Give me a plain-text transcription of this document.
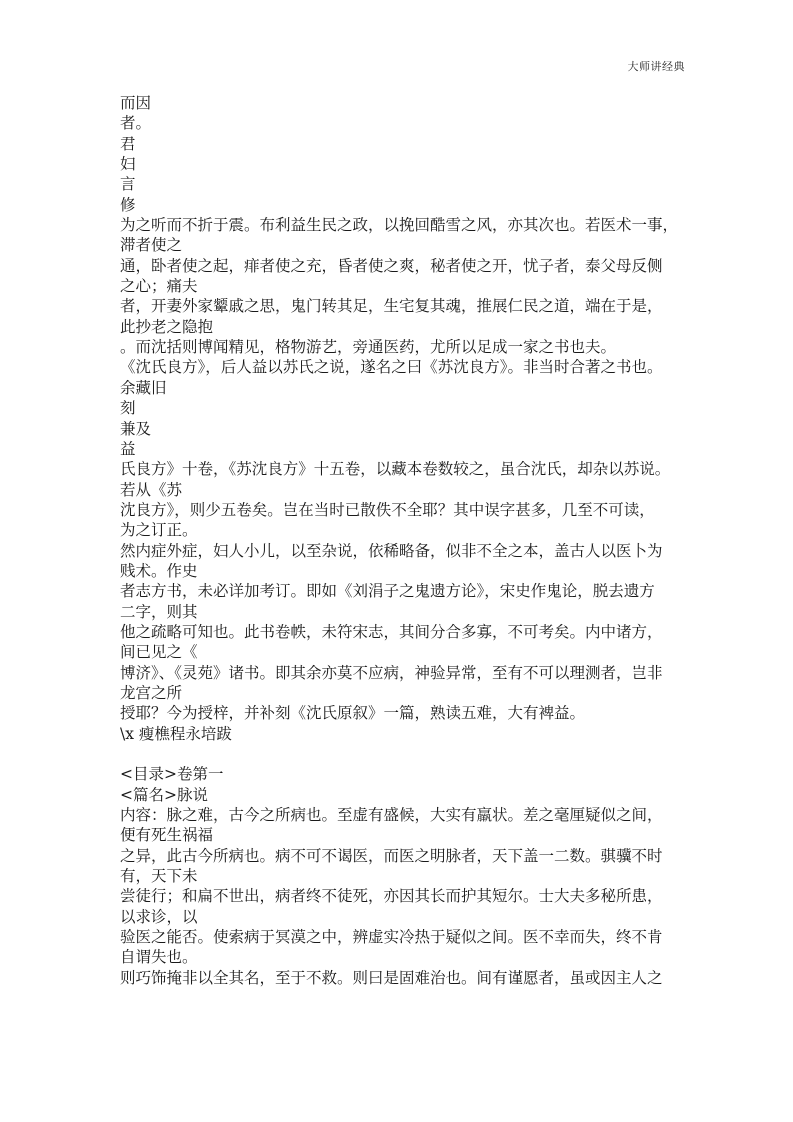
大师讲经典
而因
者。
君
妇
言
修
为之听而不折于震。布利益生民之政，以挽回酷雪之风，亦其次也。若医术一事，
滞者使之
通，卧者使之起，痱者使之充，昏者使之爽，秘者使之开，忧子者，泰父母反侧
之心；痛夫
者，开妻外家颦戚之思，鬼门转其足，生宅复其魂，推展仁民之道，端在于是，
此抄老之隐抱
。而沈括则博闻精见，格物游艺，旁通医药，尤所以足成一家之书也夫。
《沈氏良方》，后人益以苏氏之说，遂名之曰《苏沈良方》。非当时合著之书也。
余藏旧
刻
兼及
益
氏良方》十卷，《苏沈良方》十五卷，以藏本卷数较之，虽合沈氏，却杂以苏说。
若从《苏
沈良方》，则少五卷矣。岂在当时已散佚不全耶？其中误字甚多，几至不可读，
为之订正。
然内症外症，妇人小儿，以至杂说，依稀略备，似非不全之本，盖古人以医卜为
贱术。作史
者志方书，未必详加考订。即如《刘涓子之鬼遗方论》，宋史作鬼论，脱去遗方
二字，则其
他之疏略可知也。此书卷帙，未符宋志，其间分合多寡，不可考矣。内中诸方，
间已见之《
博济》、《灵苑》诸书。即其余亦莫不应病，神验异常，至有不可以理测者，岂非
龙宫之所
授耶？今为授梓，并补刻《沈氏原叙》一篇，熟读五难，大有裨益。
\x 瘦樵程永培跋
<目录>卷第一
<篇名>脉说
内容：脉之难，古今之所病也。至虚有盛候，大实有羸状。差之毫厘疑似之间，
便有死生祸福
之异，此古今所病也。病不可不谒医，而医之明脉者，天下盖一二数。骐骥不时
有，天下未
尝徒行；和扁不世出，病者终不徒死，亦因其长而护其短尔。士大夫多秘所患，
以求诊，以
验医之能否。使索病于冥漠之中，辨虚实冷热于疑似之间。医不幸而失，终不肯
自谓失也。
则巧饰掩非以全其名，至于不救。则曰是固难治也。间有谨愿者，虽或因主人之
